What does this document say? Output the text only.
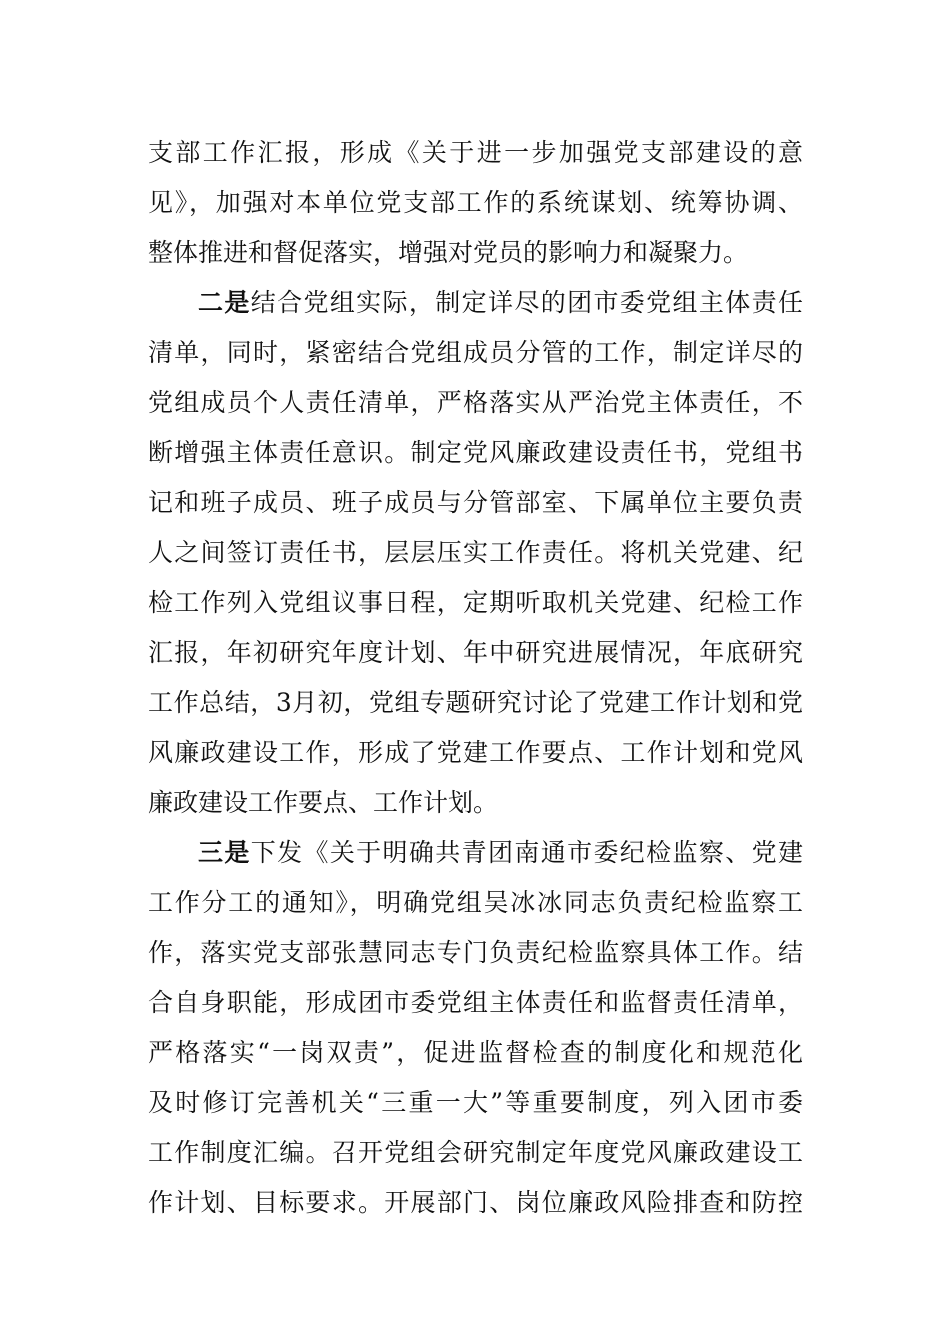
支部工作汇报，形成《关于进一步加强党支部建设的意
见》，加强对本单位党支部工作的系统谋划、统筹协调、
整体推进和督促落实，增强对党员的影响力和凝聚力。
二是结合党组实际，制定详尽的团市委党组主体责任
清单，同时，紧密结合党组成员分管的工作，制定详尽的
党组成员个人责任清单，严格落实从严治党主体责任，不
断增强主体责任意识。制定党风廉政建设责任书，党组书
记和班子成员、班子成员与分管部室、下属单位主要负责
人之间签订责任书，层层压实工作责任。将机关党建、纪
检工作列入党组议事日程，定期听取机关党建、纪检工作
汇报，年初研究年度计划、年中研究进展情况，年底研究
工作总结，3月初，党组专题研究讨论了党建工作计划和党
风廉政建设工作，形成了党建工作要点、工作计划和党风
廉政建设工作要点、工作计划。
三是下发《关于明确共青团南通市委纪检监察、党建
工作分工的通知》，明确党组吴冰冰同志负责纪检监察工
作，落实党支部张慧同志专门负责纪检监察具体工作。结
合自身职能，形成团市委党组主体责任和监督责任清单，
严格落实“一岗双责”，促进监督检查的制度化和规范化
及时修订完善机关“三重一大”等重要制度，列入团市委
工作制度汇编。召开党组会研究制定年度党风廉政建设工
作计划、目标要求。开展部门、岗位廉政风险排查和防控
